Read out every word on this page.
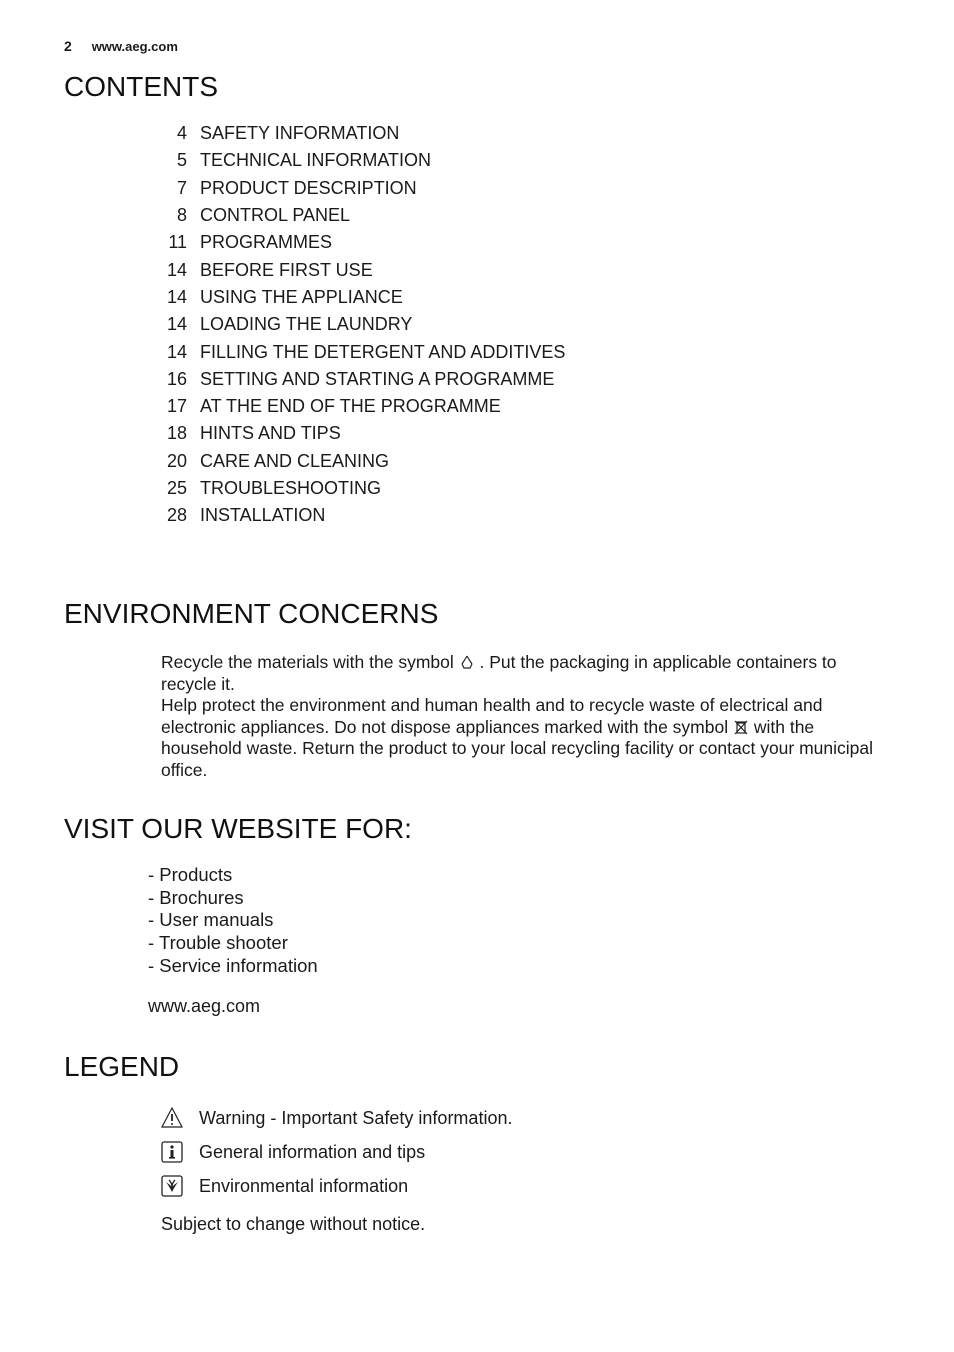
2 www.aeg.com
CONTENTS
4 SAFETY INFORMATION
5 TECHNICAL INFORMATION
7 PRODUCT DESCRIPTION
8 CONTROL PANEL
11 PROGRAMMES
14 BEFORE FIRST USE
14 USING THE APPLIANCE
14 LOADING THE LAUNDRY
14 FILLING THE DETERGENT AND ADDITIVES
16 SETTING AND STARTING A PROGRAMME
17 AT THE END OF THE PROGRAMME
18 HINTS AND TIPS
20 CARE AND CLEANING
25 TROUBLESHOOTING
28 INSTALLATION
ENVIRONMENT CONCERNS

Recycle the materials with the symbol  . Put the packaging in applicable containers to recycle it.

Help protect the environment and human health and to recycle waste of electrical and electronic appliances. Do not dispose appliances marked with the symbol  with the household waste. Return the product to your local recycling facility or contact your municipal office.

VISIT OUR WEBSITE FOR:
- Products
- Brochures
- User manuals
- Trouble shooter
- Service information
www.aeg.com
LEGEND
Warning - Important Safety information.
General information and tips
Environmental information
Subject to change without notice.
